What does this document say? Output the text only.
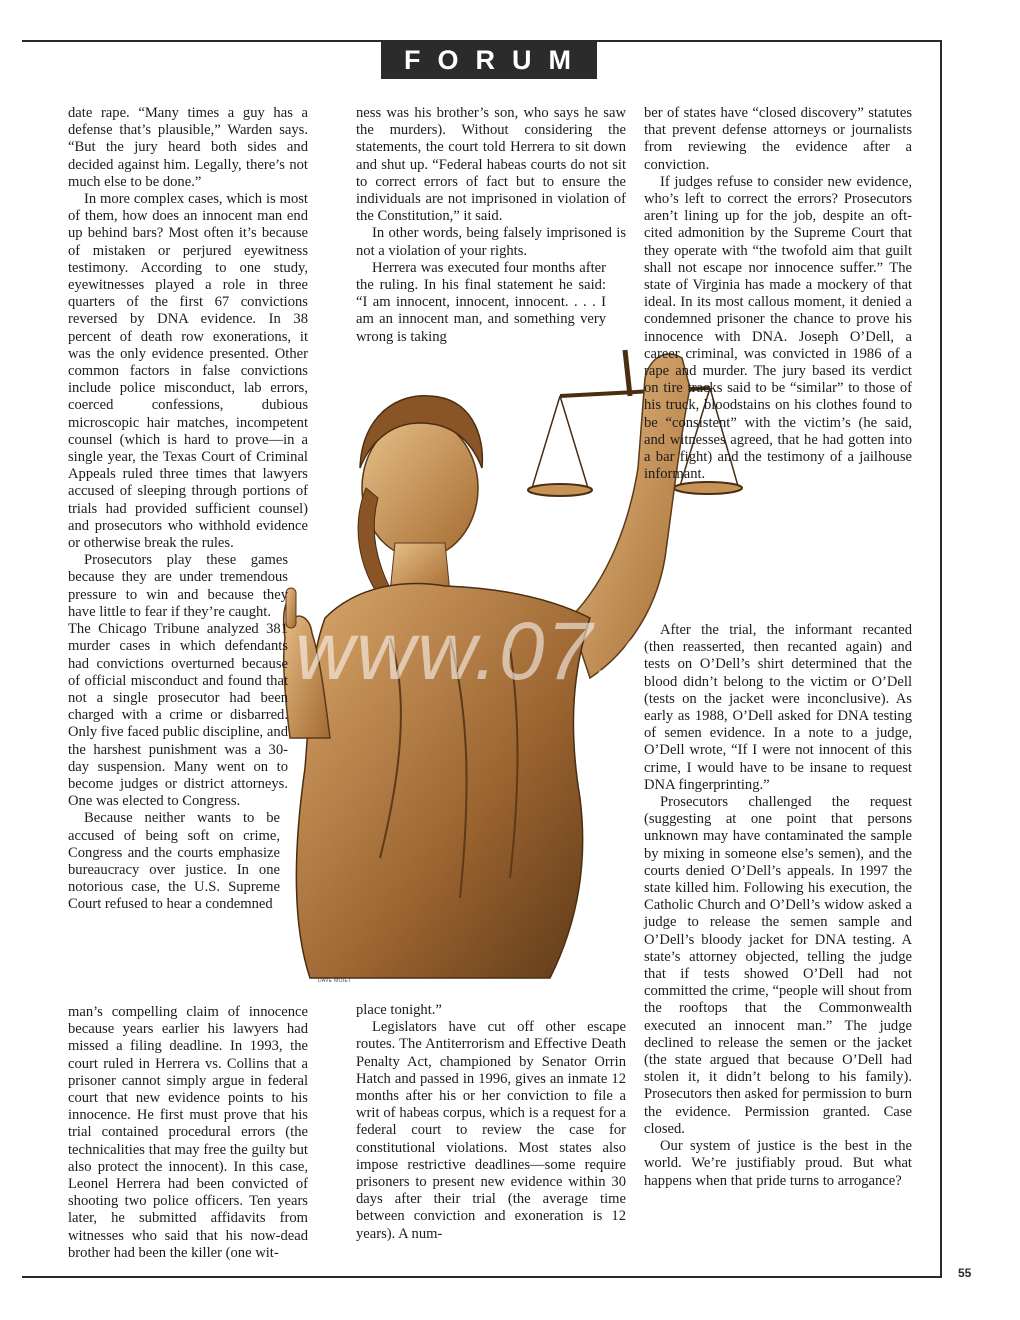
FORUM
www.07.c
DAVE MOIET

date rape. “Many times a guy has a defense that’s plausible,” Warden says. “But the jury heard both sides and decided against him. Legally, there’s not much else to be done.”

In more complex cases, which is most of them, how does an innocent man end up behind bars? Most often it’s because of mistaken or perjured eyewitness testimony. According to one study, eyewitnesses played a role in three quarters of the first 67 convictions reversed by DNA evidence. In 38 percent of death row exonerations, it was the only evidence presented. Other common factors in false convictions include police misconduct, lab errors, coerced confessions, dubious microscopic hair matches, incompetent counsel (which is hard to prove—in a single year, the Texas Court of Criminal Appeals ruled three times that lawyers accused of sleeping through portions of trials had provided sufficient counsel) and prosecutors who withhold evidence or otherwise break the rules.

Prosecutors play these games because they are under tremendous pressure to win and because they have little to fear if they’re caught.

The Chicago Tribune analyzed 381 murder cases in which defendants had convictions overturned because of official misconduct and found that not a single prosecutor had been charged with a crime or disbarred. Only five faced public discipline, and the harshest punishment was a 30-day suspension. Many went on to become judges or district attorneys. One was elected to Congress.

Because neither wants to be accused of being soft on crime, Congress and the courts emphasize bureaucracy over justice. In one notorious case, the U.S. Supreme Court refused to hear a condemned

man’s compelling claim of innocence because years earlier his lawyers had missed a filing deadline. In 1993, the court ruled in Herrera vs. Collins that a prisoner cannot simply argue in federal court that new evidence points to his innocence. He first must prove that his trial contained procedural errors (the technicalities that may free the guilty but also protect the innocent). In this case, Leonel Herrera had been convicted of shooting two police officers. Ten years later, he submitted affidavits from witnesses who said that his now-dead brother had been the killer (one wit-

ness was his brother’s son, who says he saw the murders). Without considering the statements, the court told Herrera to sit down and shut up. “Federal habeas courts do not sit to correct errors of fact but to ensure the individuals are not imprisoned in violation of the Constitution,” it said.

In other words, being falsely imprisoned is not a violation of your rights.

Herrera was executed four months after the ruling. In his final statement he said: “I am innocent, innocent, innocent. . . . I am an innocent man, and something very wrong is taking

place tonight.”

Legislators have cut off other escape routes. The Antiterrorism and Effective Death Penalty Act, championed by Senator Orrin Hatch and passed in 1996, gives an inmate 12 months after his or her conviction to file a writ of habeas corpus, which is a request for a federal court to review the case for constitutional violations. Most states also impose restrictive deadlines—some require prisoners to present new evidence within 30 days after their trial (the average time between conviction and exoneration is 12 years). A num-

ber of states have “closed discovery” statutes that prevent defense attorneys or journalists from reviewing the evidence after a conviction.

If judges refuse to consider new evidence, who’s left to correct the errors? Prosecutors aren’t lining up for the job, despite an oft-cited admonition by the Supreme Court that they operate with “the twofold aim that guilt shall not escape nor innocence suffer.” The state of Virginia has made a mockery of that ideal. In its most callous moment, it denied a condemned prisoner the chance to prove his innocence with DNA. Joseph O’Dell, a career criminal, was convicted in 1986 of a rape and murder. The jury based its verdict on tire tracks said to be “similar” to those of his truck, bloodstains on his clothes found to be “consistent” with the victim’s (he said, and witnesses agreed, that he had gotten into a bar fight) and the testimony of a jailhouse informant.

After the trial, the informant recanted (then reasserted, then recanted again) and tests on O’Dell’s shirt determined that the blood didn’t belong to the victim or O’Dell (tests on the jacket were inconclusive). As early as 1988, O’Dell asked for DNA testing of semen evidence. In a note to a judge, O’Dell wrote, “If I were not innocent of this crime, I would have to be insane to request DNA fingerprinting.”

Prosecutors challenged the request (suggesting at one point that persons unknown may have contaminated the sample by mixing in someone else’s semen), and the courts denied O’Dell’s appeals. In 1997 the state killed him. Following his execution, the Catholic Church and O’Dell’s widow asked a judge to release the semen sample and O’Dell’s bloody jacket for DNA testing. A state’s attorney objected, telling the judge that if tests showed O’Dell had not committed the crime, “people will shout from the rooftops that the Commonwealth executed an innocent man.” The judge declined to release the semen or the jacket (the state argued that because O’Dell had stolen it, it didn’t belong to his family). Prosecutors then asked for permission to burn the evidence. Permission granted. Case closed.

Our system of justice is the best in the world. We’re justifiably proud. But what happens when that pride turns to arrogance?

55
